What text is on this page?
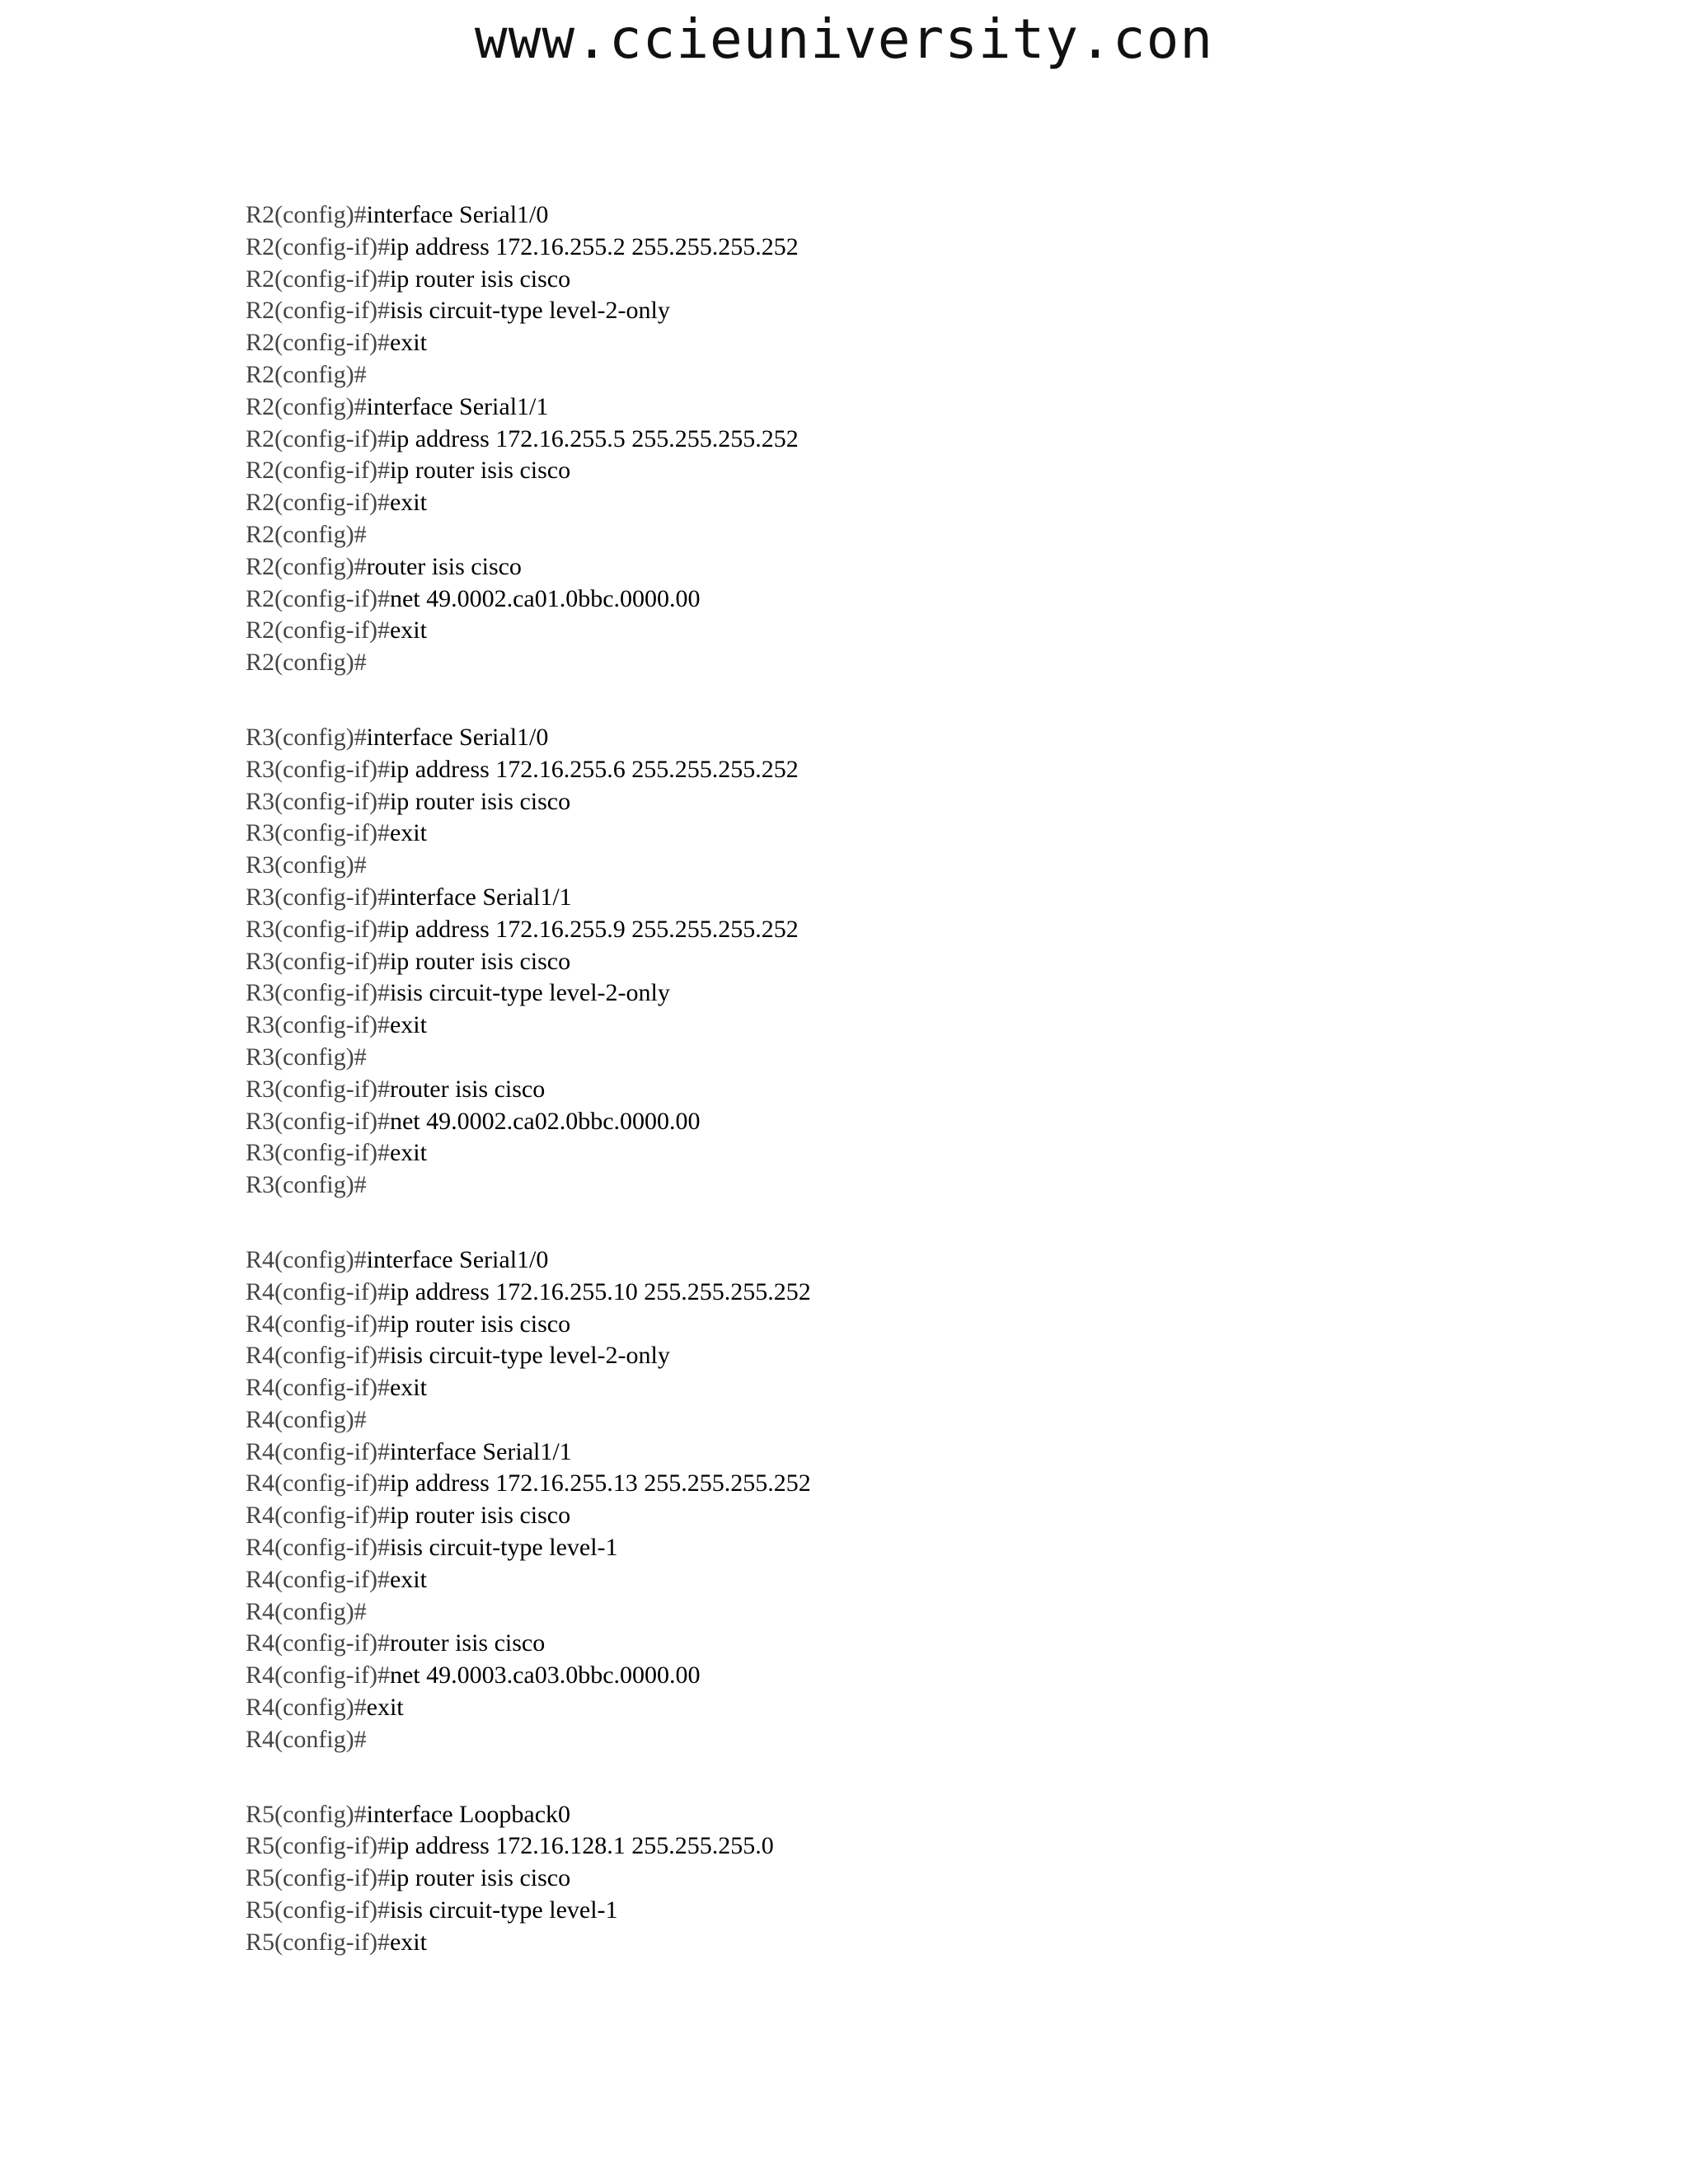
www.ccieuniversity.con
R2(config)#interface Serial1/0
R2(config-if)#ip address 172.16.255.2 255.255.255.252
R2(config-if)#ip router isis cisco
R2(config-if)#isis circuit-type level-2-only
R2(config-if)#exit
R2(config)#
R2(config)#interface Serial1/1
R2(config-if)#ip address 172.16.255.5 255.255.255.252
R2(config-if)#ip router isis cisco
R2(config-if)#exit
R2(config)#
R2(config)#router isis cisco
R2(config-if)#net 49.0002.ca01.0bbc.0000.00
R2(config-if)#exit
R2(config)#
R3(config)#interface Serial1/0
R3(config-if)#ip address 172.16.255.6 255.255.255.252
R3(config-if)#ip router isis cisco
R3(config-if)#exit
R3(config)#
R3(config-if)#interface Serial1/1
R3(config-if)#ip address 172.16.255.9 255.255.255.252
R3(config-if)#ip router isis cisco
R3(config-if)#isis circuit-type level-2-only
R3(config-if)#exit
R3(config)#
R3(config-if)#router isis cisco
R3(config-if)#net 49.0002.ca02.0bbc.0000.00
R3(config-if)#exit
R3(config)#
R4(config)#interface Serial1/0
R4(config-if)#ip address 172.16.255.10 255.255.255.252
R4(config-if)#ip router isis cisco
R4(config-if)#isis circuit-type level-2-only
R4(config-if)#exit
R4(config)#
R4(config-if)#interface Serial1/1
R4(config-if)#ip address 172.16.255.13 255.255.255.252
R4(config-if)#ip router isis cisco
R4(config-if)#isis circuit-type level-1
R4(config-if)#exit
R4(config)#
R4(config-if)#router isis cisco
R4(config-if)#net 49.0003.ca03.0bbc.0000.00
R4(config)#exit
R4(config)#
R5(config)#interface Loopback0
R5(config-if)#ip address 172.16.128.1 255.255.255.0
R5(config-if)#ip router isis cisco
R5(config-if)#isis circuit-type level-1
R5(config-if)#exit
